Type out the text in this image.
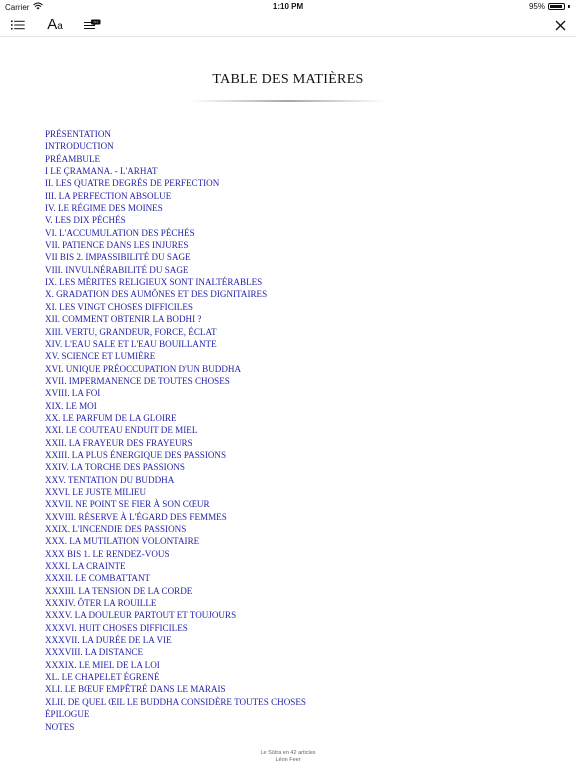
Carrier	1:10 PM	95%
Aa
TABLE DES MATIÈRES
PRÉSENTATION
INTRODUCTION
PRÉAMBULE
I LE ÇRAMANA. - L'ARHAT
II. LES QUATRE DEGRÉS DE PERFECTION
III. LA PERFECTION ABSOLUE
IV. LE RÉGIME DES MOINES
V. LES DIX PÉCHÉS
VI. L'ACCUMULATION DES PÉCHÉS
VII. PATIENCE DANS LES INJURES
VII BIS 2. IMPASSIBILITÉ DU SAGE
VIII. INVULNÉRABILITÉ DU SAGE
IX. LES MÉRITES RELIGIEUX SONT INALTÉRABLES
X. GRADATION DES AUMÔNES ET DES DIGNITAIRES
XI. LES VINGT CHOSES DIFFICILES
XII. COMMENT OBTENIR LA BODHI ?
XIII. VERTU, GRANDEUR, FORCE, ÉCLAT
XIV. L'EAU SALE ET L'EAU BOUILLANTE
XV. SCIENCE ET LUMIÈRE
XVI. UNIQUE PRÉOCCUPATION D'UN BUDDHA
XVII. IMPERMANENCE DE TOUTES CHOSES
XVIII. LA FOI
XIX. LE MOI
XX. LE PARFUM DE LA GLOIRE
XXI. LE COUTEAU ENDUIT DE MIEL
XXII. LA FRAYEUR DES FRAYEURS
XXIII. LA PLUS ÉNERGIQUE DES PASSIONS
XXIV. LA TORCHE DES PASSIONS
XXV. TENTATION DU BUDDHA
XXVI. LE JUSTE MILIEU
XXVII. NE POINT SE FIER À SON CŒUR
XXVIII. RÉSERVE À L'ÉGARD DES FEMMES
XXIX. L'INCENDIE DES PASSIONS
XXX. LA MUTILATION VOLONTAIRE
XXX BIS 1. LE RENDEZ-VOUS
XXXI. LA CRAINTE
XXXII. LE COMBATTANT
XXXIII. LA TENSION DE LA CORDE
XXXIV. ÔTER LA ROUILLE
XXXV. LA DOULEUR PARTOUT ET TOUJOURS
XXXVI. HUIT CHOSES DIFFICILES
XXXVII. LA DURÉE DE LA VIE
XXXVIII. LA DISTANCE
XXXIX. LE MIEL DE LA LOI
XL. LE CHAPELET ÉGRENÉ
XLI. LE BŒUF EMPÊTRÉ DANS LE MARAIS
XLII. DE QUEL ŒIL LE BUDDHA CONSIDÈRE TOUTES CHOSES
ÉPILOGUE
NOTES
Le Sûtra en 42 articles
Léon Feer
